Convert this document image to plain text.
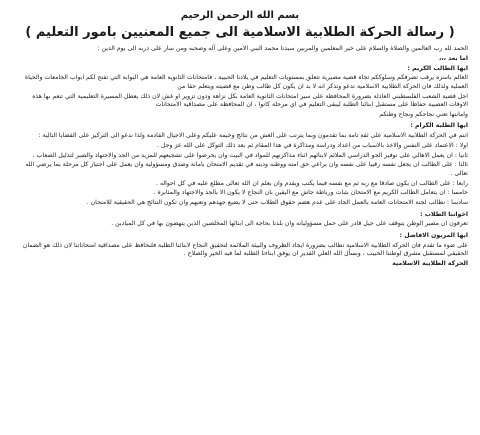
بسم الله الرحمن الرحيم
( رسالة الحركة الطلابية الاسلامية الى جميع المعنيين بامور التعليم )

الحمد لله رب العالمين والصلاة والسلام على خير المعلمين والمربين سيدنا محمد النبي الامين وعلى آله وصحبه ومن سار على دربه الى يوم الدين :

اما بعد ،،،

ايها الطالب الكريم :

العالم باسره يرقب تصرفكم وسلوككم تجاه قضية مصيرية تتعلق بمستويات التعليم في بلادنا الحبيبة ، فامتحانات الثانوية العامة هي البوابة التي تفتح لكم ابواب الجامعات والحياة العملية ولذلك فان الحركة الطلابية الاسلامية تدعو وتذكر انه لا بد ان يكون كل طالب وطن مع قضيته ويتعلم حقا من

اجل قضية الشعب الفلسطيني العادلة بضرورة المحافظة على سير امتحانات الثانوية العامة بكل نزاهة ودون تزوير او غش لان ذلك يعطل المسيرة التعليمية التي تنعم بها هذه الاوقات العصيبة حفاظا على مستقبل ابنائنا الطلبة ليبقى التعليم في اي مرحلة كانوا ، ان المحافظة على مصداقية الامتحانات

وامانتها تعني نجاحكم ونجاح وطنكم

ايها الطلبة الكرام :

انتم في الحركة الطلابية الاسلامية على ثقة تامة بما تقدمون وبما يترتب على الغش من نتائج وخيمة عليكم وعلى الاجيال القادمة ولذا ندعو الى التركيز على القضايا التالية :

اولا : الاعتماد على النفس والاخذ بالاسباب من اعداد ودراسة ومذاكرة في هذا المقام ثم بعد ذلك التوكل على الله عز وجل .

ثانيا : ان يعمل الاهالي على توفير الجو الدراسي الملائم لابنائهم اثناء مذاكرتهم للمواد في البيت وان يحرصوا على تشجيعهم للمزيد من الجد والاجتهاد والصبر لتذليل الصعاب .

ثالثا : على الطالب ان يجعل نفسه رقيبا على نفسه وان يراعي حق امته ووطنه ودينه في تقديم الامتحان بامانة وصدق ومسؤولية وان يعمل على اجتياز كل مرحلة بما يرضي الله تعالى .

رابعا : على الطالب ان يكون صادقا مع ربه ثم مع نفسه فيما يكتب ويقدم وان يعلم ان الله تعالى مطلع عليه في كل احواله .

خامسا : ان يتعامل الطالب الكريم مع الامتحان بثبات ورباطة جاش مع اليقين بان النجاح لا يكون الا بالجد والاجتهاد والمثابرة .

سادسا : نطالب لجنة الامتحانات العامة بالعمل الجاد على عدم هضم حقوق الطلاب حتى لا يضيع جهدهم وتعبهم وان تكون النتائج هي الحقيقية للامتحان .

اخواننا الطلاب :

تعرفون ان مصير الوطن يتوقف على جيل قادر على حمل مسؤولياته وان بلدنا بحاجة الى ابنائها المخلصين الذين ينهضون بها في كل الميادين .

ايها المربون الافاضل :

على ضوء ما تقدم فان الحركة الطلابية الاسلامية تطالب بضرورة ايجاد الظروف والبيئة الملائمة لتحقيق النجاح لابنائنا الطلبة فلنحافظ على مصداقية امتحاناتنا لان ذلك هو الضمان الحقيقي لمستقبل مشرق لوطننا الحبيب ، ونسأل الله العلي القدير ان يوفق ابناءنا الطلبة لما فيه الخير والصلاح .

الحركة الطلابية الاسلامية
